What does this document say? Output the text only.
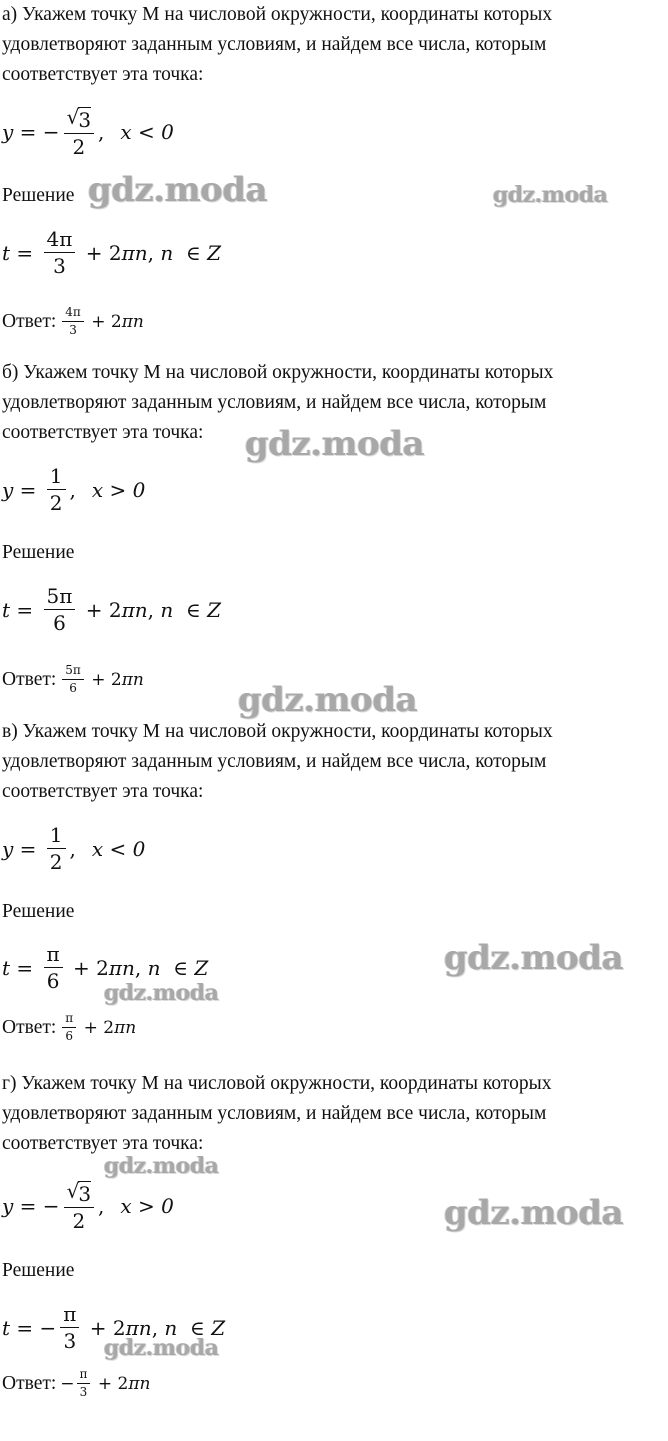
а) Укажем точку М на числовой окружности, координаты которых
удовлетворяют заданным условиям, и найдем все числа, которым
соответствует эта точка:
y = − $\frac{√ 3}{2}$ , x < 0
Решение
$t = \frac{4\pi}{3} + 2$ πn , n ∈ Z
Ответ: $\frac{4\pi}{3} + 2$ πn
б) Укажем точку М на числовой окружности, координаты которых
удовлетворяют заданным условиям, и найдем все числа, которым
соответствует эта точка:
$y = \frac{1}{2}$ , x > 0
Решение
$t = \frac{5\pi}{6} + 2$ πn , n ∈ Z
Ответ: $\frac{5\pi}{6} + 2$ πn
в) Укажем точку М на числовой окружности, координаты которых
удовлетворяют заданным условиям, и найдем все числа, которым
соответствует эта точка:
$y = \frac{1}{2}$ , x < 0
Решение
$t = \frac{\pi}{6} + 2$ πn , n ∈ Z
Ответ: $\frac{\pi}{6} + 2$ πn
г) Укажем точку М на числовой окружности, координаты которых
удовлетворяют заданным условиям, и найдем все числа, которым
соответствует эта точка:
y = − $\frac{√ 3}{2}$ , x > 0
Решение
t = − $\frac{\pi}{3} + 2$ πn , n ∈ Z
Ответ: − $\frac{\pi}{3} + 2$ πn
gdz.moda	gdz.moda
gdz.moda
gdz.moda
gdz.moda
gdz.moda
gdz.moda
gdz.moda
gdz.moda
